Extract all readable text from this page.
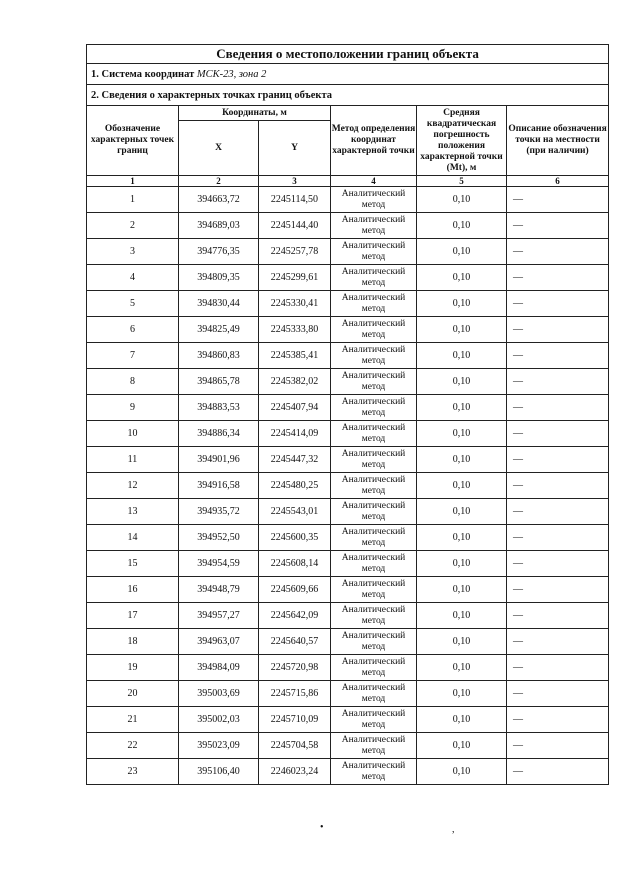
Сведения о местоположении границ объекта					
1. Система координат МСК-23, зона 2					
2. Сведения о характерных точках границ объекта					
Обозначение характерных точек границ	Координаты, м		Метод определения координат характерной точки	Средняя квадратическая погрешность положения характерной точки (Mt), м	Описание обозначения точки на местности (при наличии)
	X	Y			
1	2	3	4	5	6
1	394663,72	2245114,50	Аналитический метод	0,10	—
2	394689,03	2245144,40	Аналитический метод	0,10	—
3	394776,35	2245257,78	Аналитический метод	0,10	—
4	394809,35	2245299,61	Аналитический метод	0,10	—
5	394830,44	2245330,41	Аналитический метод	0,10	—
6	394825,49	2245333,80	Аналитический метод	0,10	—
7	394860,83	2245385,41	Аналитический метод	0,10	—
8	394865,78	2245382,02	Аналитический метод	0,10	—
9	394883,53	2245407,94	Аналитический метод	0,10	—
10	394886,34	2245414,09	Аналитический метод	0,10	—
11	394901,96	2245447,32	Аналитический метод	0,10	—
12	394916,58	2245480,25	Аналитический метод	0,10	—
13	394935,72	2245543,01	Аналитический метод	0,10	—
14	394952,50	2245600,35	Аналитический метод	0,10	—
15	394954,59	2245608,14	Аналитический метод	0,10	—
16	394948,79	2245609,66	Аналитический метод	0,10	—
17	394957,27	2245642,09	Аналитический метод	0,10	—
18	394963,07	2245640,57	Аналитический метод	0,10	—
19	394984,09	2245720,98	Аналитический метод	0,10	—
20	395003,69	2245715,86	Аналитический метод	0,10	—
21	395002,03	2245710,09	Аналитический метод	0,10	—
22	395023,09	2245704,58	Аналитический метод	0,10	—
23	395106,40	2246023,24	Аналитический метод	0,10	—
•	,
